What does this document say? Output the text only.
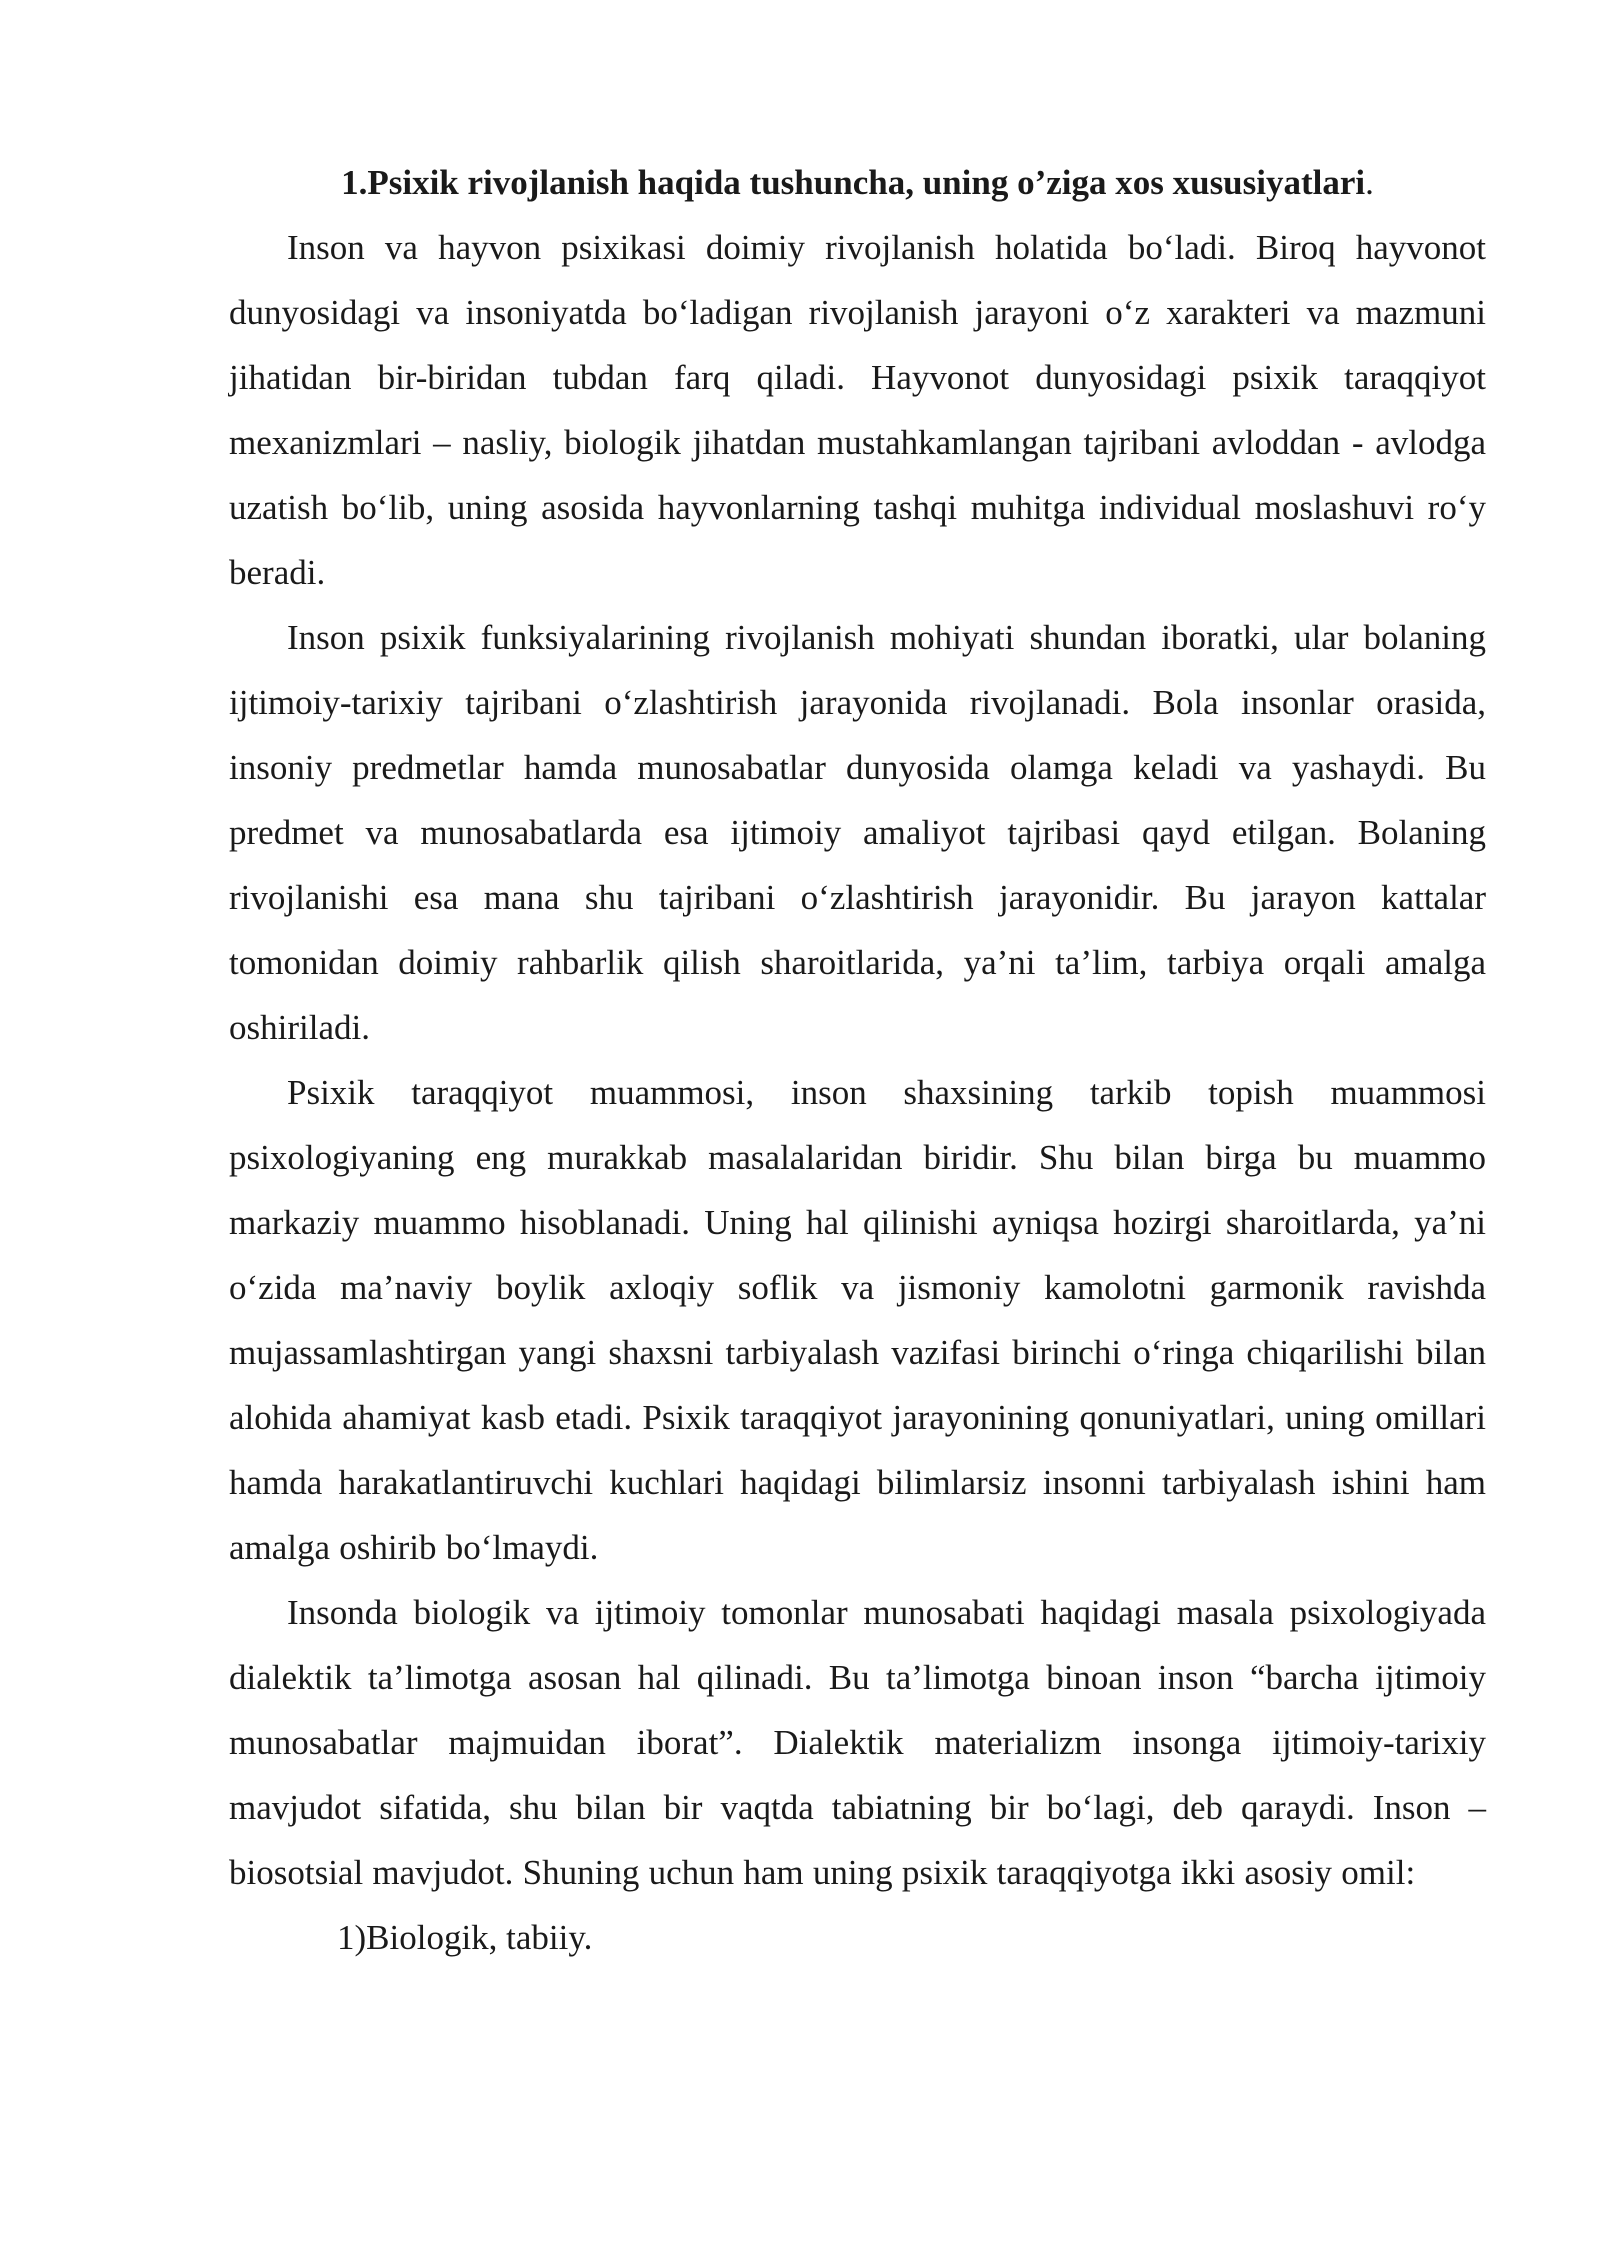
1.Psixik rivojlanish haqida tushuncha, uning o’ziga xos xususiyatlari.

Inson va hayvon psixikasi doimiy rivojlanish holatida bo‘ladi. Biroq hayvonot dunyosidagi va insoniyatda bo‘ladigan rivojlanish jarayoni o‘z xarakteri va mazmuni jihatidan bir-biridan tubdan farq qiladi. Hayvonot dunyosidagi psixik taraqqiyot mexanizmlari – nasliy, biologik jihatdan mustahkamlangan tajribani avloddan - avlodga uzatish bo‘lib, uning asosida hayvonlarning tashqi muhitga individual moslashuvi ro‘y beradi.

Inson psixik funksiyalarining rivojlanish mohiyati shundan iboratki, ular bolaning ijtimoiy-tarixiy tajribani o‘zlashtirish jarayonida rivojlanadi. Bola insonlar orasida, insoniy predmetlar hamda munosabatlar dunyosida olamga keladi va yashaydi. Bu predmet va munosabatlarda esa ijtimoiy amaliyot tajribasi qayd etilgan. Bolaning rivojlanishi esa mana shu tajribani o‘zlashtirish jarayonidir. Bu jarayon kattalar tomonidan doimiy rahbarlik qilish sharoitlarida, ya’ni ta’lim, tarbiya orqali amalga oshiriladi.

Psixik taraqqiyot muammosi, inson shaxsining tarkib topish muammosi psixologiyaning eng murakkab masalalaridan biridir. Shu bilan birga bu muammo markaziy muammo hisoblanadi. Uning hal qilinishi ayniqsa hozirgi sharoitlarda, ya’ni o‘zida ma’naviy boylik axloqiy soflik va jismoniy kamolotni garmonik ravishda mujassamlashtirgan yangi shaxsni tarbiyalash vazifasi birinchi o‘ringa chiqarilishi bilan alohida ahamiyat kasb etadi. Psixik taraqqiyot jarayonining qonuniyatlari, uning omillari hamda harakatlantiruvchi kuchlari haqidagi bilimlarsiz insonni tarbiyalash ishini ham amalga oshirib bo‘lmaydi.

Insonda biologik va ijtimoiy tomonlar munosabati haqidagi masala psixologiyada dialektik ta’limotga asosan hal qilinadi. Bu ta’limotga binoan inson “barcha ijtimoiy munosabatlar majmuidan iborat”. Dialektik materializm insonga ijtimoiy-tarixiy mavjudot sifatida, shu bilan bir vaqtda tabiatning bir bo‘lagi, deb qaraydi. Inson – biosotsial mavjudot. Shuning uchun ham uning psixik taraqqiyotga ikki asosiy omil:

1)Biologik, tabiiy.
